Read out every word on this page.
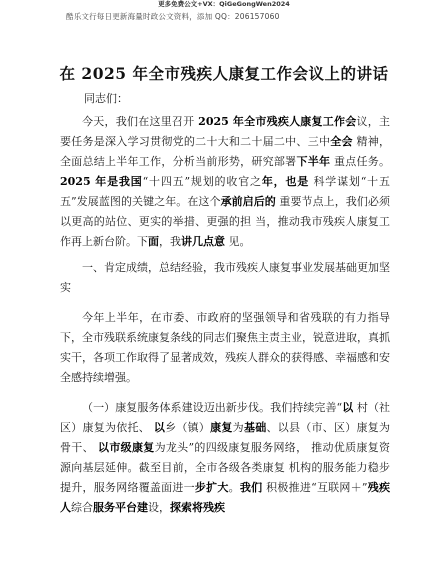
更多免费公文+VX：QiGeGongWen2024
酷乐文行每日更新海量时政公文资料，添加 QQ：206157060
在 2025 年全市残疾人康复工作会议上的讲话
同志们：

今天，我们在这里召开 2025 年全市残疾人康复工作会议，主要任务是深入学习贯彻党的二十大和二十届二中、三中全会 精神，全面总结上半年工作，分析当前形势，研究部署下半年 重点任务。2025 年是我国“十四五”规划的收官之年，也是 科学谋划“十五五”发展蓝图的关键之年。在这个承前启后的 重要节点上，我们必须以更高的站位、更实的举措、更强的担 当，推动我市残疾人康复工作再上新台阶。下面，我讲几点意 见。

一、肯定成绩，总结经验，我市残疾人康复事业发展基础更加坚实

今年上半年，在市委、市政府的坚强领导和省残联的有力指导下，全市残联系统康复条线的同志们聚焦主责主业，锐意进取，真抓实干，各项工作取得了显著成效，残疾人群众的获得感、幸福感和安全感持续增强。

（一）康复服务体系建设迈出新步伐。我们持续完善“以 村（社区）康复为依托、 以乡（镇）康复为基础、以县（市、区）康复为骨干、 以市级康复为龙头”的四级康复服务网络， 推动优质康复资源向基层延伸。截至目前，全市各级各类康复 机构的服务能力稳步提升，服务网络覆盖面进一步扩大。我们 积极推进“互联网＋”残疾人综合服务平台建设，探索将残疾
